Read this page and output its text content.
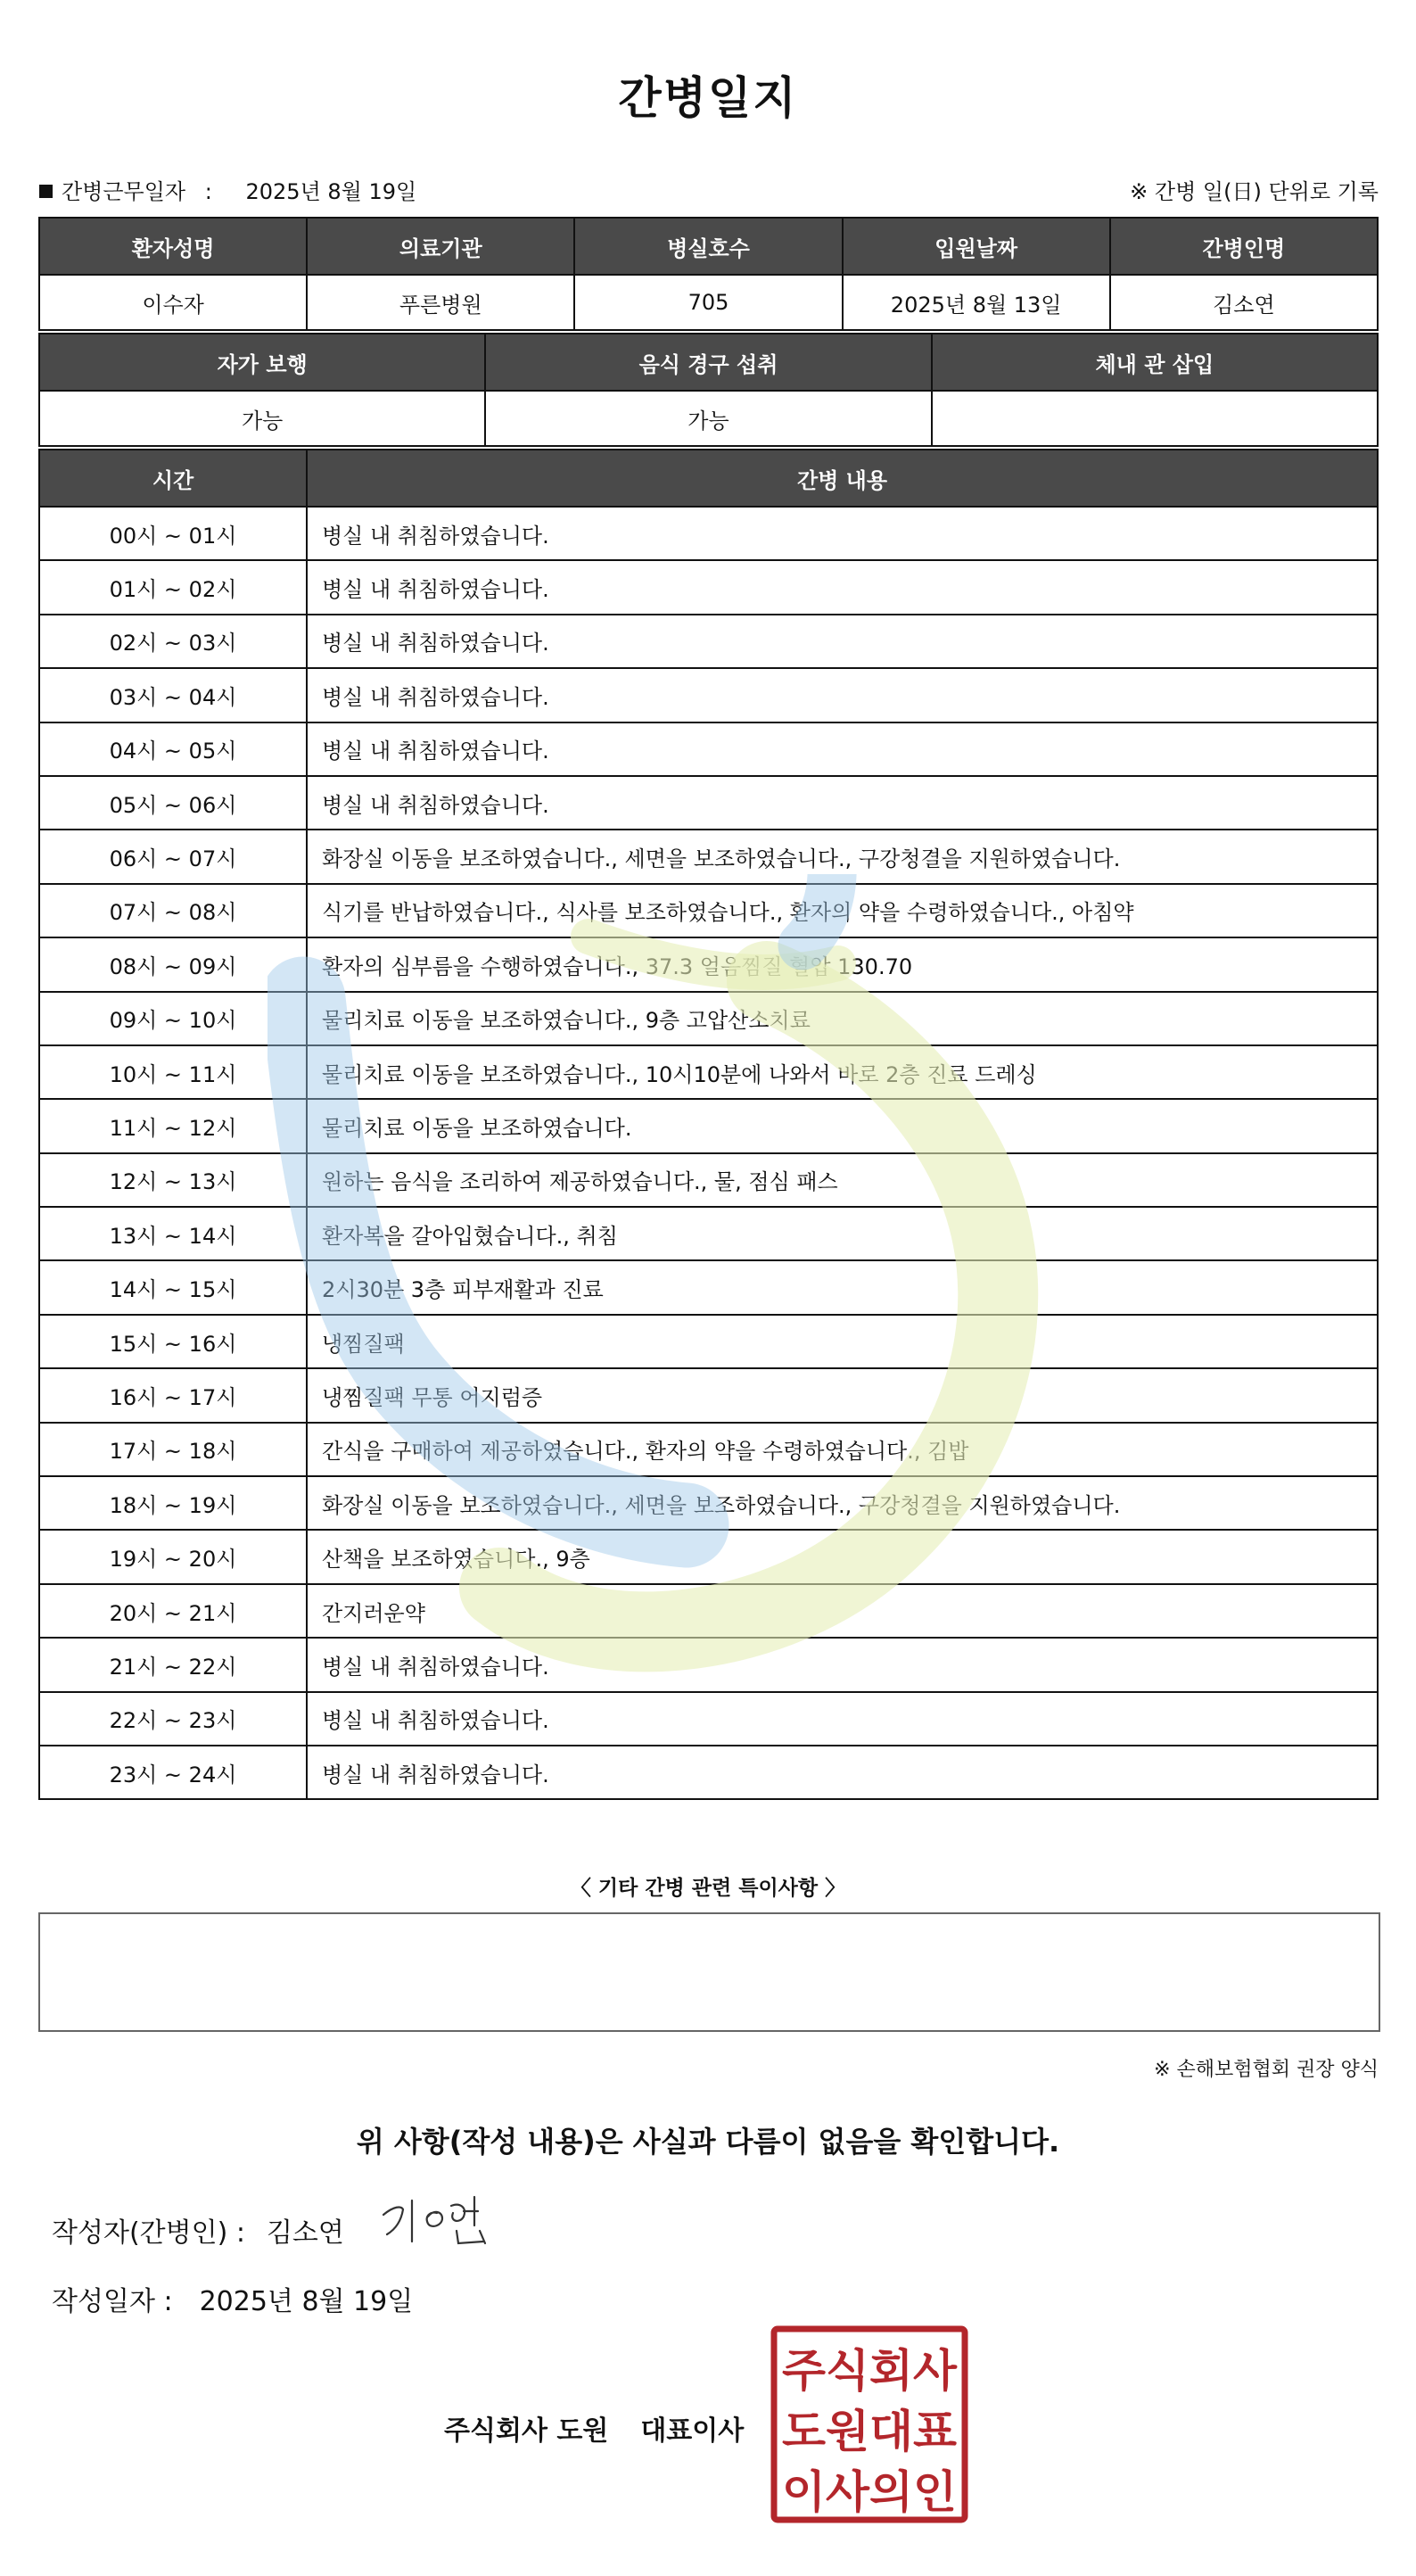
간병일지
간병근무일자 : 2025년 8월 19일	※ 간병 일(日) 단위로 기록
환자성명	의료기관	병실호수	입원날짜	간병인명
이수자	푸른병원	705	2025년 8월 13일	김소연
자가 보행	음식 경구 섭취	체내 관 삽입
가능	가능	
시간	간병 내용
00시 ~ 01시	병실 내 취침하였습니다.
01시 ~ 02시	병실 내 취침하였습니다.
02시 ~ 03시	병실 내 취침하였습니다.
03시 ~ 04시	병실 내 취침하였습니다.
04시 ~ 05시	병실 내 취침하였습니다.
05시 ~ 06시	병실 내 취침하였습니다.
06시 ~ 07시	화장실 이동을 보조하였습니다., 세면을 보조하였습니다., 구강청결을 지원하였습니다.
07시 ~ 08시	식기를 반납하였습니다., 식사를 보조하였습니다., 환자의 약을 수령하였습니다., 아침약
08시 ~ 09시	환자의 심부름을 수행하였습니다., 37.3 얼음찜질 혈압 130.70
09시 ~ 10시	물리치료 이동을 보조하였습니다., 9층 고압산소치료
10시 ~ 11시	물리치료 이동을 보조하였습니다., 10시10분에 나와서 바로 2층 진료 드레싱
11시 ~ 12시	물리치료 이동을 보조하였습니다.
12시 ~ 13시	원하는 음식을 조리하여 제공하였습니다., 물, 점심 패스
13시 ~ 14시	환자복을 갈아입혔습니다., 취침
14시 ~ 15시	2시30분 3층 피부재활과 진료
15시 ~ 16시	냉찜질팩
16시 ~ 17시	냉찜질팩 무통 어지럼증
17시 ~ 18시	간식을 구매하여 제공하였습니다., 환자의 약을 수령하였습니다., 김밥
18시 ~ 19시	화장실 이동을 보조하였습니다., 세면을 보조하였습니다., 구강청결을 지원하였습니다.
19시 ~ 20시	산책을 보조하였습니다., 9층
20시 ~ 21시	간지러운약
21시 ~ 22시	병실 내 취침하였습니다.
22시 ~ 23시	병실 내 취침하였습니다.
23시 ~ 24시	병실 내 취침하였습니다.
〈 기타 간병 관련 특이사항 〉
※ 손해보험협회 권장 양식
위 사항(작성 내용)은 사실과 다름이 없음을 확인합니다.
작성자(간병인) : 김소연
작성일자 : 2025년 8월 19일
주식회사 도원 대표이사
주식회사
도원대표
이사의인
